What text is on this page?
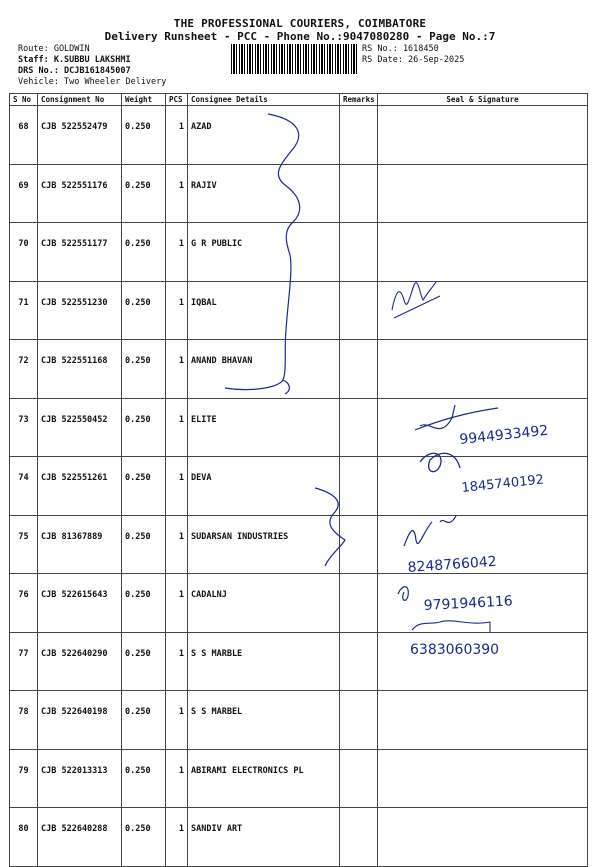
THE PROFESSIONAL COURIERS, COIMBATORE
Delivery Runsheet - PCC - Phone No.:9047080280 - Page No.:7
Route: GOLDWIN
Staff: K.SUBBU LAKSHMI
DRS No.: DCJB161845007
Vehicle: Two Wheeler Delivery
RS No.: 1618450
RS Date: 26-Sep-2025
S No	Consignment No	Weight	PCS	Consignee Details	Remarks	Seal & Signature
68	CJB 522552479	0.250	1	AZAD		
69	CJB 522551176	0.250	1	RAJIV		
70	CJB 522551177	0.250	1	G R PUBLIC		
71	CJB 522551230	0.250	1	IQBAL		
72	CJB 522551168	0.250	1	ANAND BHAVAN		
73	CJB 522550452	0.250	1	ELITE		
74	CJB 522551261	0.250	1	DEVA		
75	CJB 81367889	0.250	1	SUDARSAN INDUSTRIES		
76	CJB 522615643	0.250	1	CADALNJ		
77	CJB 522640290	0.250	1	S S MARBLE		
78	CJB 522640198	0.250	1	S S MARBEL		
79	CJB 522013313	0.250	1	ABIRAMI ELECTRONICS PL		
80	CJB 522640288	0.250	1	SANDIV ART		
9944933492
1845740192
8248766042
9791946116
6383060390
